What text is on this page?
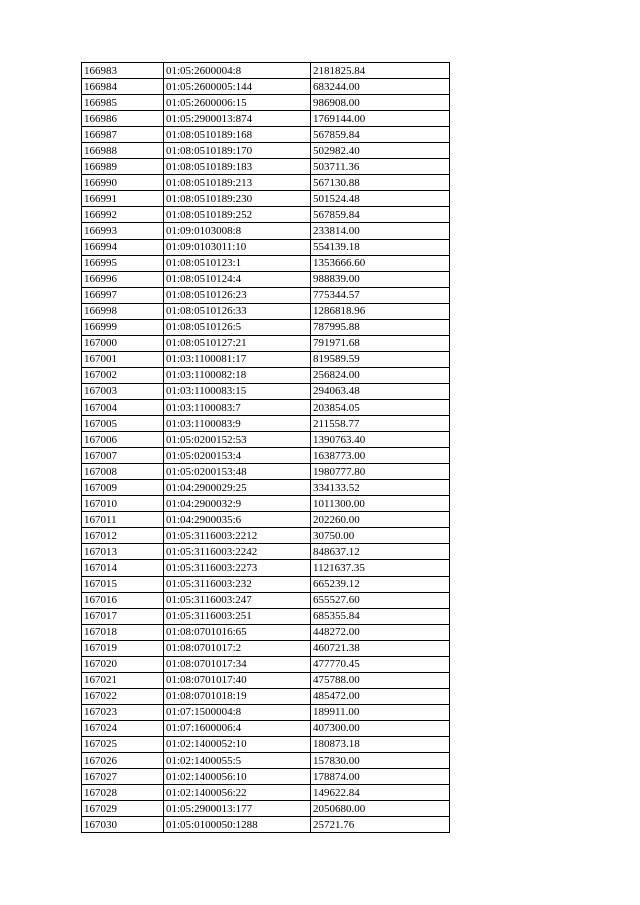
166983	01:05:2600004:8	2181825.84
166984	01:05:2600005:144	683244.00
166985	01:05:2600006:15	986908.00
166986	01:05:2900013:874	1769144.00
166987	01:08:0510189:168	567859.84
166988	01:08:0510189:170	502982.40
166989	01:08:0510189:183	503711.36
166990	01:08:0510189:213	567130.88
166991	01:08:0510189:230	501524.48
166992	01:08:0510189:252	567859.84
166993	01:09:0103008:8	233814.00
166994	01:09:0103011:10	554139.18
166995	01:08:0510123:1	1353666.60
166996	01:08:0510124:4	988839.00
166997	01:08:0510126:23	775344.57
166998	01:08:0510126:33	1286818.96
166999	01:08:0510126:5	787995.88
167000	01:08:0510127:21	791971.68
167001	01:03:1100081:17	819589.59
167002	01:03:1100082:18	256824.00
167003	01:03:1100083:15	294063.48
167004	01:03:1100083:7	203854.05
167005	01:03:1100083:9	211558.77
167006	01:05:0200152:53	1390763.40
167007	01:05:0200153:4	1638773.00
167008	01:05:0200153:48	1980777.80
167009	01:04:2900029:25	334133.52
167010	01:04:2900032:9	1011300.00
167011	01:04:2900035:6	202260.00
167012	01:05:3116003:2212	30750.00
167013	01:05:3116003:2242	848637.12
167014	01:05:3116003:2273	1121637.35
167015	01:05:3116003:232	665239.12
167016	01:05:3116003:247	655527.60
167017	01:05:3116003:251	685355.84
167018	01:08:0701016:65	448272.00
167019	01:08:0701017:2	460721.38
167020	01:08:0701017:34	477770.45
167021	01:08:0701017:40	475788.00
167022	01:08:0701018:19	485472.00
167023	01:07:1500004:8	189911.00
167024	01:07:1600006:4	407300.00
167025	01:02:1400052:10	180873.18
167026	01:02:1400055:5	157830.00
167027	01:02:1400056:10	178874.00
167028	01:02:1400056:22	149622.84
167029	01:05:2900013:177	2050680.00
167030	01:05:0100050:1288	25721.76
